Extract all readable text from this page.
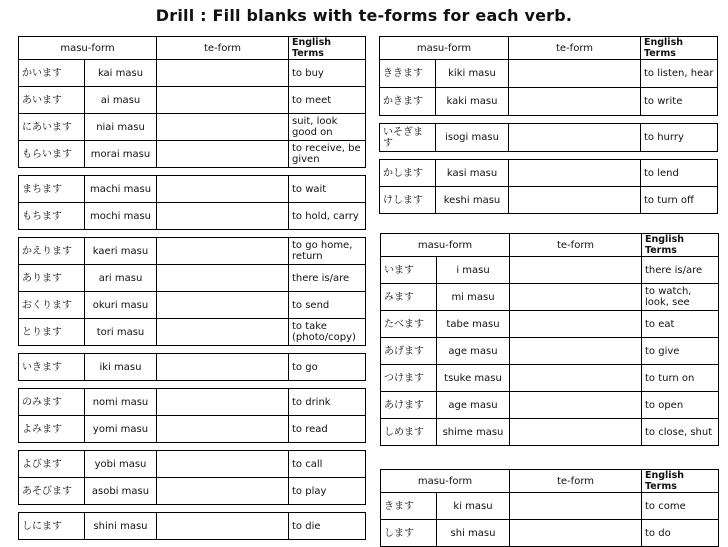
Drill : Fill blanks with te-forms for each verb.
masu-form		te-form	English Terms
かいます	kai masu		to buy
あいます	ai masu		to meet
にあいます	niai masu		suit, look good on
もらいます	morai masu		to receive, be given

まちます	machi masu		to wait
もちます	mochi masu		to hold, carry

かえります	kaeri masu		to go home, return
あります	ari masu		there is/are
おくります	okuri masu		to send
とります	tori masu		to take (photo/copy)

いきます	iki masu		to go

のみます	nomi masu		to drink
よみます	yomi masu		to read

よびます	yobi masu		to call
あそびます	asobi masu		to play

しにます	shini masu		to die
masu-form		te-form	English Terms
ききます	kiki masu		to listen, hear
かきます	kaki masu		to write

いそぎます	isogi masu		to hurry

かします	kasi masu		to lend
けします	keshi masu		to turn off
masu-form		te-form	English Terms
います	i masu		there is/are
みます	mi masu		to watch, look, see
たべます	tabe masu		to eat
あげます	age masu		to give
つけます	tsuke masu		to turn on
あけます	age masu		to open
しめます	shime masu		to close, shut
masu-form		te-form	English Terms
きます	ki masu		to come
します	shi masu		to do
